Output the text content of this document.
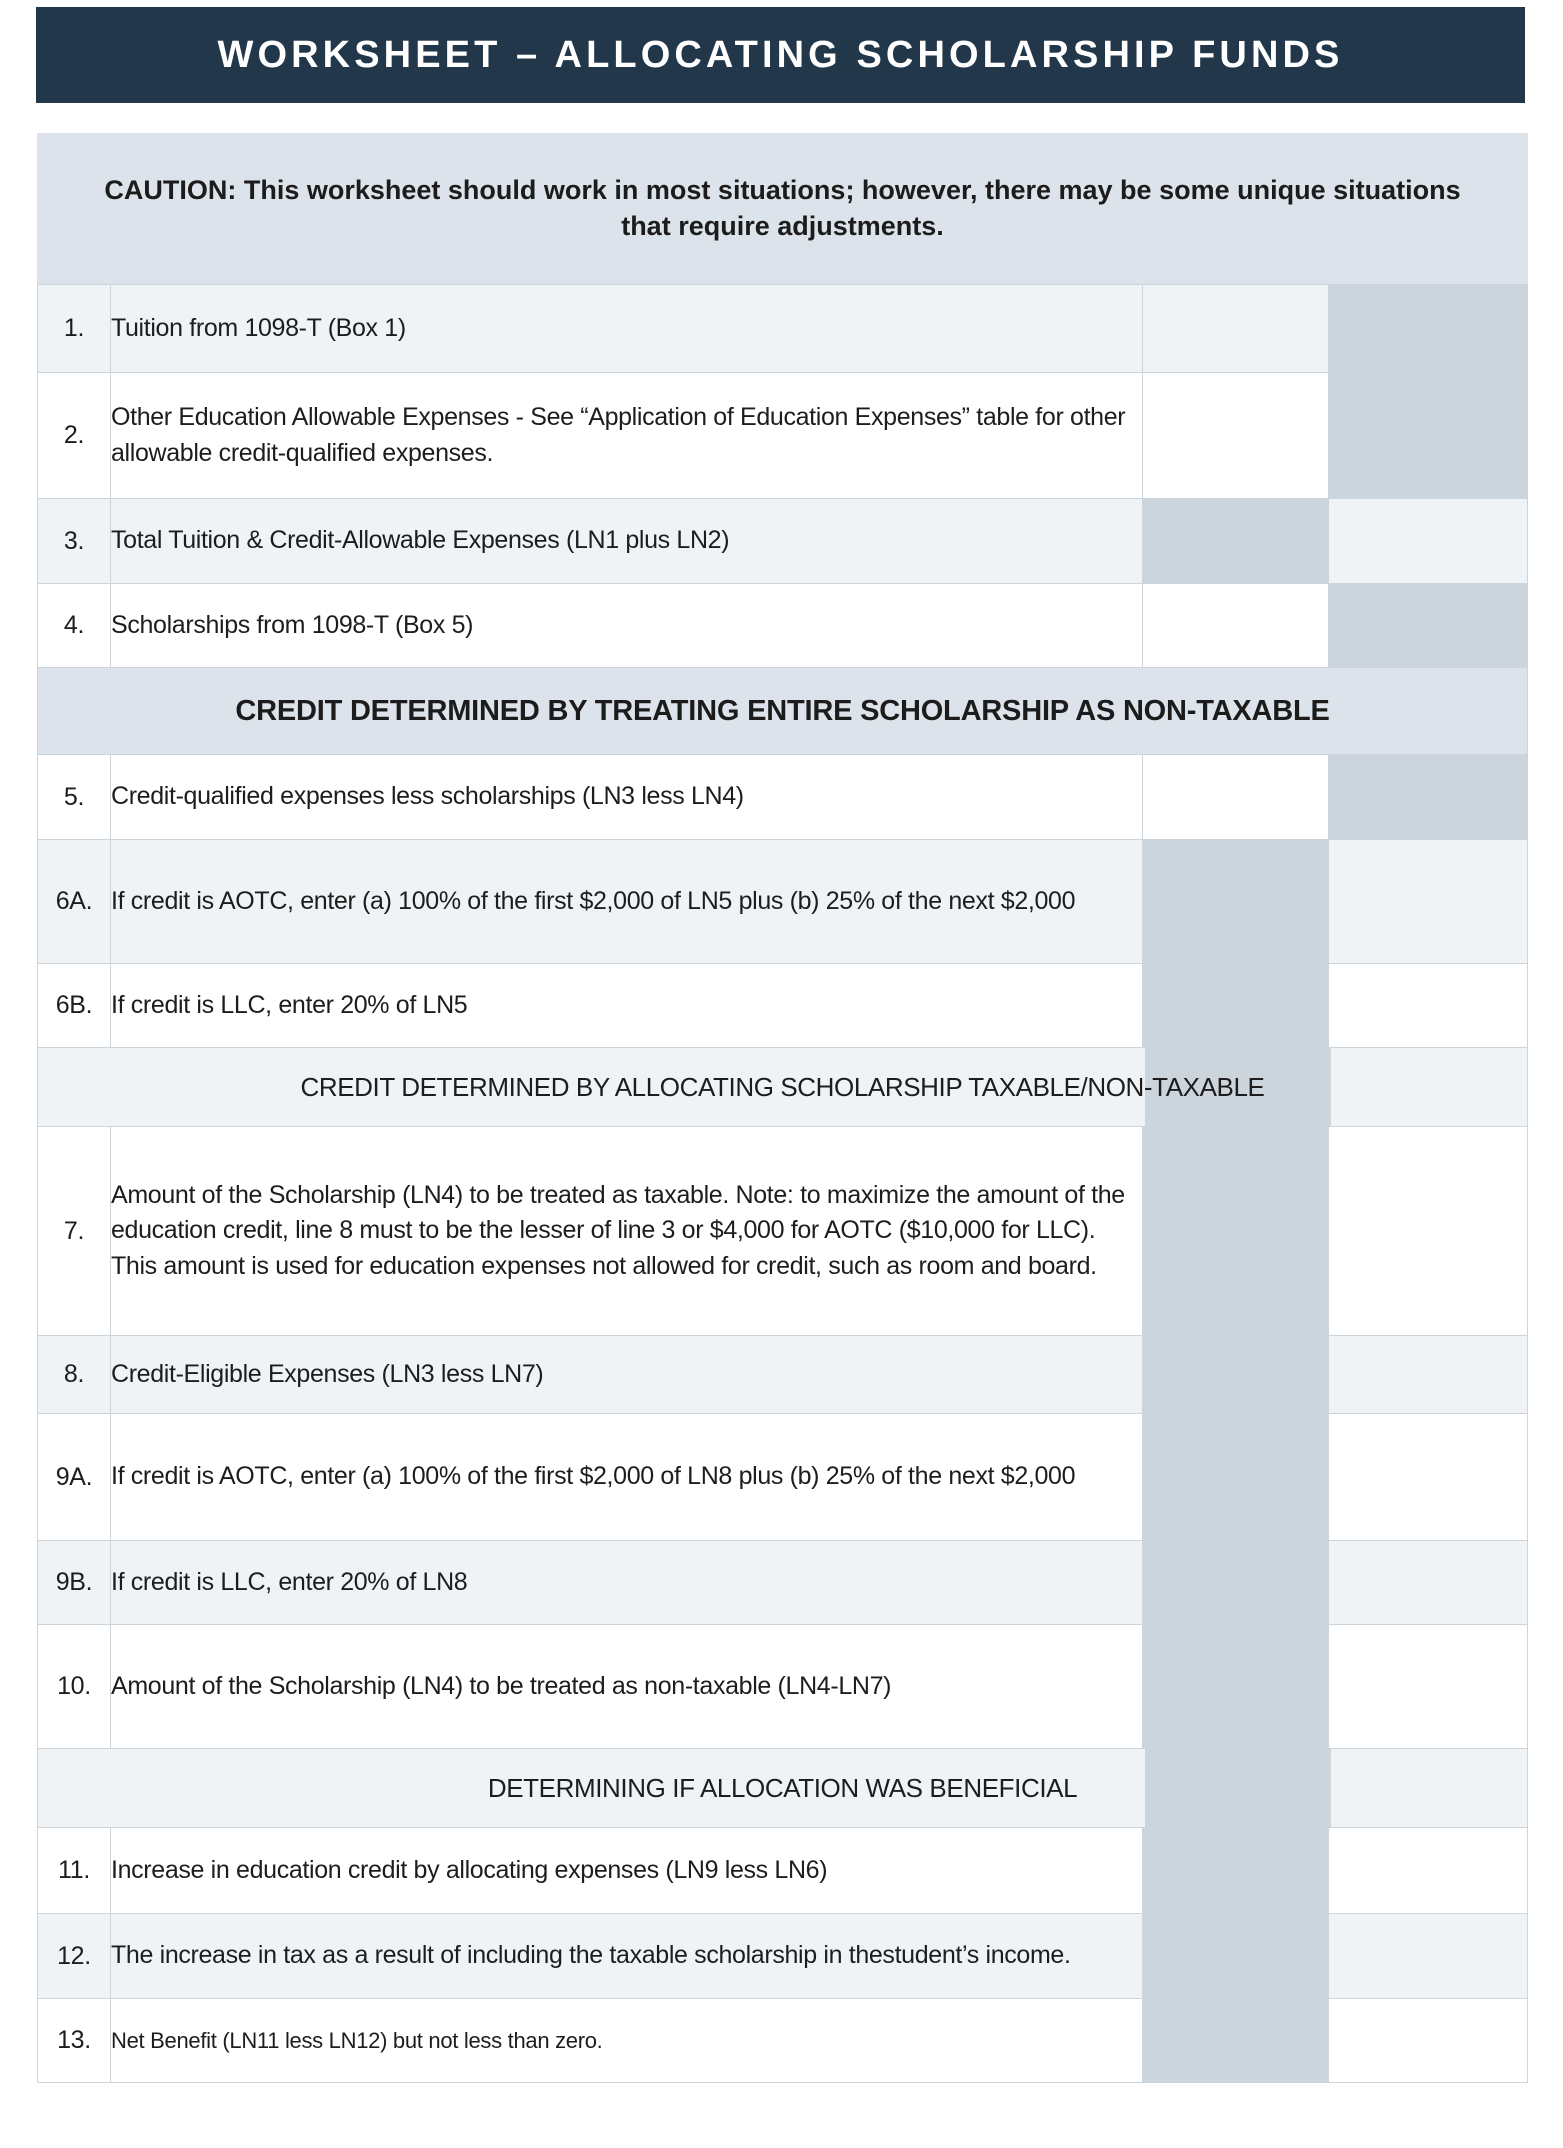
WORKSHEET – ALLOCATING SCHOLARSHIP FUNDS
CAUTION: This worksheet should work in most situations; however, there may be some unique situations that require adjustments.
1.	Tuition from 1098-T (Box 1)		
2.	Other Education Allowable Expenses - See “Application of Education Expenses” table for other allowable credit-qualified expenses.		
3.	Total Tuition & Credit-Allowable Expenses (LN1 plus LN2)		
4.	Scholarships from 1098-T (Box 5)		

CREDIT DETERMINED BY TREATING ENTIRE SCHOLARSHIP AS NON-TAXABLE			

5.	Credit-qualified expenses less scholarships (LN3 less LN4)		
6A.	If credit is AOTC, enter (a) 100% of the first $2,000 of LN5 plus (b) 25% of the next $2,000		
6B.	If credit is LLC, enter 20% of LN5		

CREDIT DETERMINED BY ALLOCATING SCHOLARSHIP TAXABLE/NON-TAXABLE			

7.	Amount of the Scholarship (LN4) to be treated as taxable. Note: to maximize the amount of the education credit, line 8 must to be the lesser of line 3 or $4,000 for AOTC ($10,000 for LLC). This amount is used for education expenses not allowed for credit, such as room and board.		
8.	Credit-Eligible Expenses (LN3 less LN7)		
9A.	If credit is AOTC, enter (a) 100% of the first $2,000 of LN8 plus (b) 25% of the next $2,000		
9B.	If credit is LLC, enter 20% of LN8		
10.	Amount of the Scholarship (LN4) to be treated as non-taxable (LN4-LN7)		

DETERMINING IF ALLOCATION WAS BENEFICIAL			

11.	Increase in education credit by allocating expenses (LN9 less LN6)		
12.	The increase in tax as a result of including the taxable scholarship in thestudent’s income.		
13.	Net Benefit (LN11 less LN12) but not less than zero.		
